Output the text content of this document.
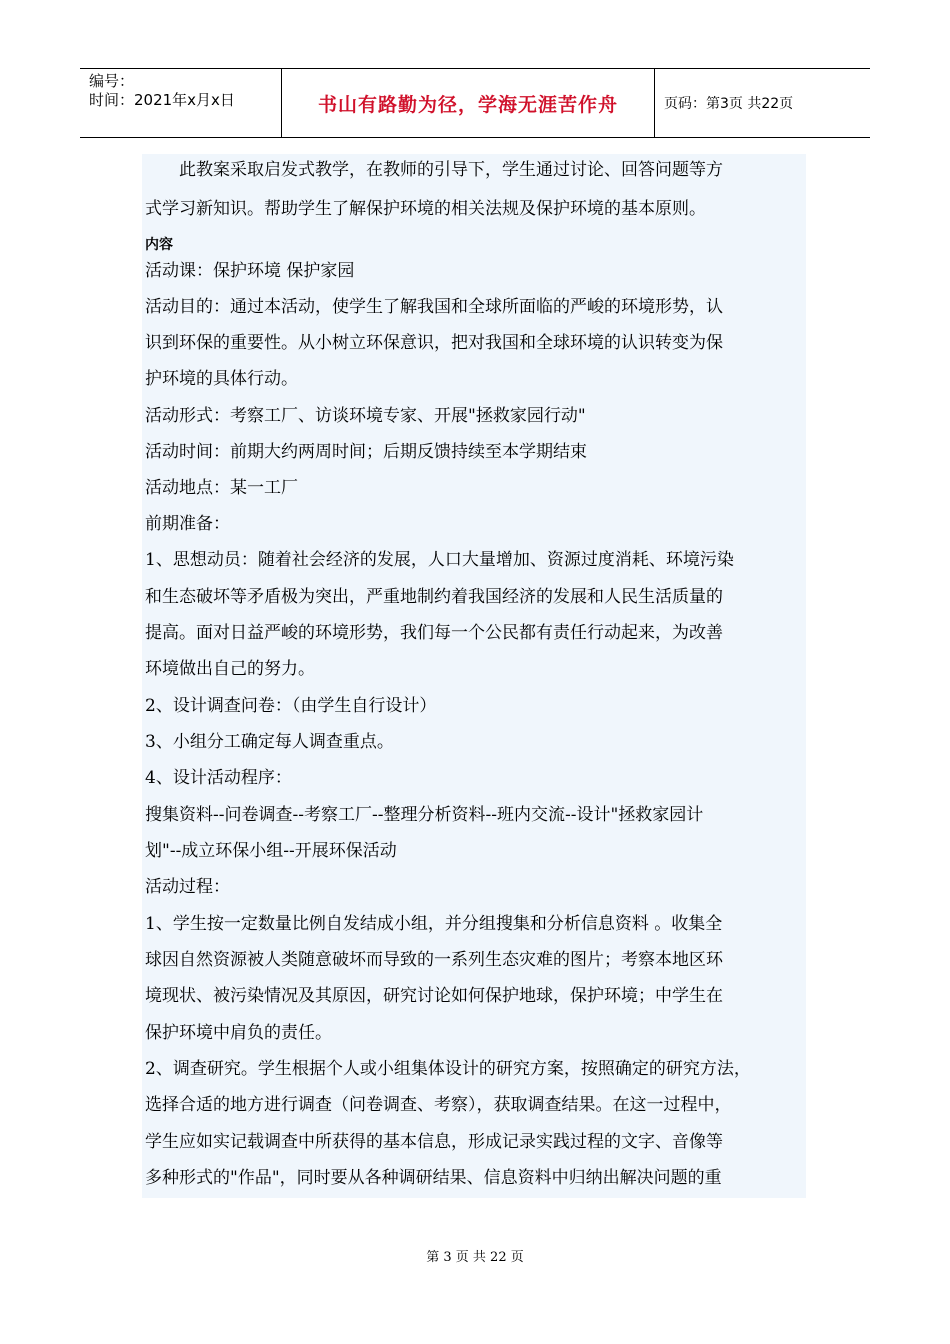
编号：
时间：2021年x月x日	书山有路勤为径，学海无涯苦作舟	页码：第3页 共22页
　　此教案采取启发式教学，在教师的引导下，学生通过讨论、回答问题等方
式学习新知识。帮助学生了解保护环境的相关法规及保护环境的基本原则。
内容
活动课：保护环境 保护家园
活动目的：通过本活动，使学生了解我国和全球所面临的严峻的环境形势，认
识到环保的重要性。从小树立环保意识，把对我国和全球环境的认识转变为保
护环境的具体行动。
活动形式：考察工厂、访谈环境专家、开展"拯救家园行动"
活动时间：前期大约两周时间；后期反馈持续至本学期结束
活动地点：某一工厂
前期准备：
1、思想动员：随着社会经济的发展，人口大量增加、资源过度消耗、环境污染
和生态破坏等矛盾极为突出，严重地制约着我国经济的发展和人民生活质量的
提高。面对日益严峻的环境形势，我们每一个公民都有责任行动起来，为改善
环境做出自己的努力。
2、设计调查问卷：（由学生自行设计）
3、小组分工确定每人调查重点。
4、设计活动程序：
搜集资料--问卷调查--考察工厂--整理分析资料--班内交流--设计"拯救家园计
划"--成立环保小组--开展环保活动
活动过程：
1、学生按一定数量比例自发结成小组，并分组搜集和分析信息资料 。收集全
球因自然资源被人类随意破坏而导致的一系列生态灾难的图片；考察本地区环
境现状、被污染情况及其原因，研究讨论如何保护地球，保护环境；中学生在
保护环境中肩负的责任。
2、调查研究。学生根据个人或小组集体设计的研究方案，按照确定的研究方法，
选择合适的地方进行调查（问卷调查、考察），获取调查结果。在这一过程中，
学生应如实记载调查中所获得的基本信息，形成记录实践过程的文字、音像等
多种形式的"作品"，同时要从各种调研结果、信息资料中归纳出解决问题的重
第 3 页 共 22 页
